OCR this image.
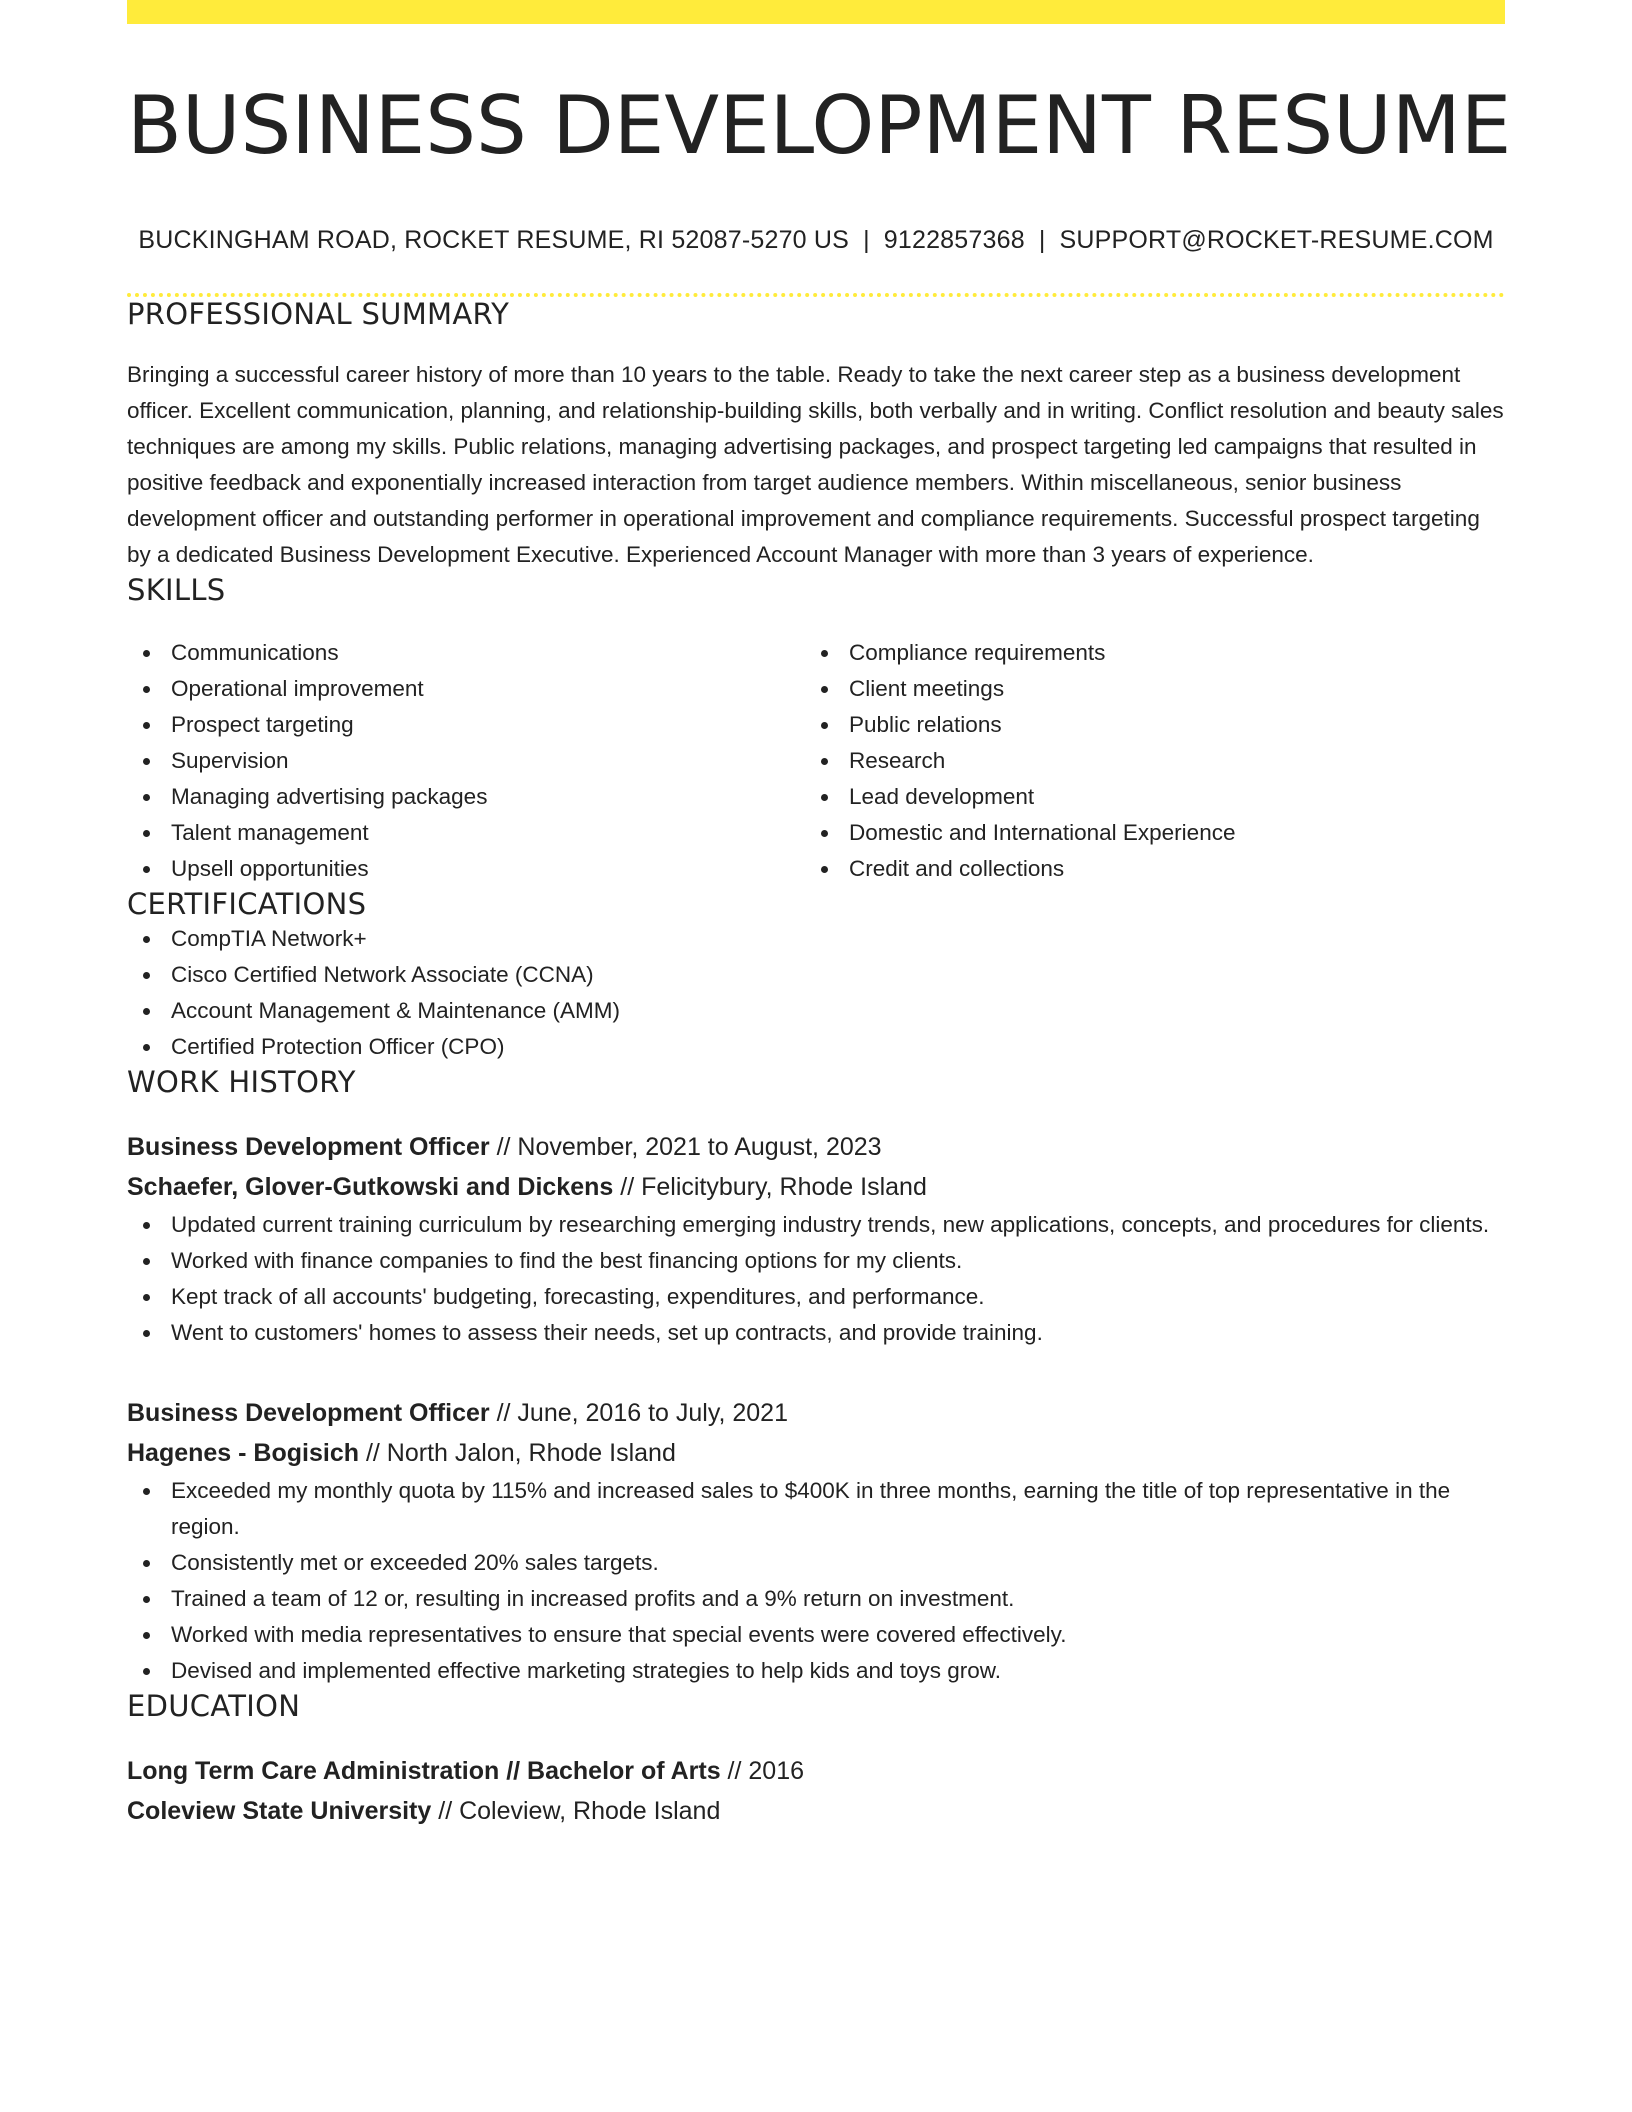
BUSINESS DEVELOPMENT RESUME
BUCKINGHAM ROAD, ROCKET RESUME, RI 52087-5270 US | 9122857368 | SUPPORT@ROCKET-RESUME.COM
PROFESSIONAL SUMMARY
Bringing a successful career history of more than 10 years to the table. Ready to take the next career step as a business development officer. Excellent communication, planning, and relationship-building skills, both verbally and in writing. Conflict resolution and beauty sales techniques are among my skills. Public relations, managing advertising packages, and prospect targeting led campaigns that resulted in positive feedback and exponentially increased interaction from target audience members. Within miscellaneous, senior business development officer and outstanding performer in operational improvement and compliance requirements. Successful prospect targeting by a dedicated Business Development Executive. Experienced Account Manager with more than 3 years of experience.
SKILLS
Communications
Operational improvement
Prospect targeting
Supervision
Managing advertising packages
Talent management
Upsell opportunities
Compliance requirements
Client meetings
Public relations
Research
Lead development
Domestic and International Experience
Credit and collections
CERTIFICATIONS
CompTIA Network+
Cisco Certified Network Associate (CCNA)
Account Management & Maintenance (AMM)
Certified Protection Officer (CPO)
WORK HISTORY
Business Development Officer // November, 2021 to August, 2023
Schaefer, Glover-Gutkowski and Dickens // Felicitybury, Rhode Island
Updated current training curriculum by researching emerging industry trends, new applications, concepts, and procedures for clients.
Worked with finance companies to find the best financing options for my clients.
Kept track of all accounts' budgeting, forecasting, expenditures, and performance.
Went to customers' homes to assess their needs, set up contracts, and provide training.
Business Development Officer // June, 2016 to July, 2021
Hagenes - Bogisich // North Jalon, Rhode Island
Exceeded my monthly quota by 115% and increased sales to $400K in three months, earning the title of top representative in the region.
Consistently met or exceeded 20% sales targets.
Trained a team of 12 or, resulting in increased profits and a 9% return on investment.
Worked with media representatives to ensure that special events were covered effectively.
Devised and implemented effective marketing strategies to help kids and toys grow.
EDUCATION
Long Term Care Administration // Bachelor of Arts // 2016
Coleview State University // Coleview, Rhode Island
